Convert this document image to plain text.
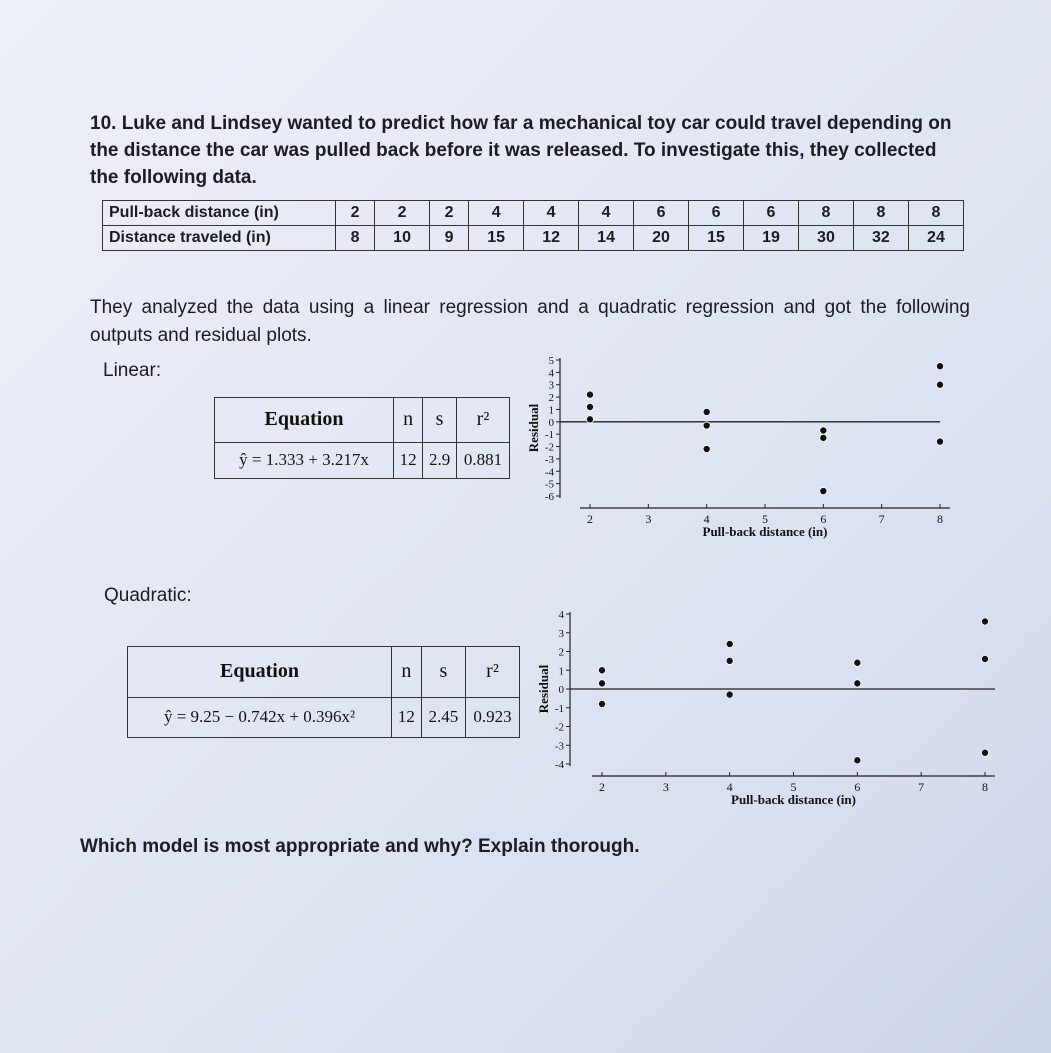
10. Luke and Lindsey wanted to predict how far a mechanical toy car could travel depending on the distance the car was pulled back before it was released. To investigate this, they collected the following data.

Pull-back distance (in)	2	2	2	4	4	4	6	6	6	8	8	8
Distance traveled (in)	8	10	9	15	12	14	20	15	19	30	32	24

They analyzed the data using a linear regression and a quadratic regression and got the following outputs and residual plots.

Linear:

Equation	n	s	r²
ŷ = 1.333 + 3.217x	12	2.9	0.881
5
4
3
2
1
0
-1
-2
-3
-4
-5
-6
2	3	4	5	6	7	8
Pull-back distance (in)
Residual

Quadratic:

Equation	n	s	r²
ŷ = 9.25 − 0.742x + 0.396x²	12	2.45	0.923
4
3
2
1
0
-1
-2
-3
-4
2	3	4	5	6	7	8
Pull-back distance (in)
Residual

Which model is most appropriate and why? Explain thorough.
